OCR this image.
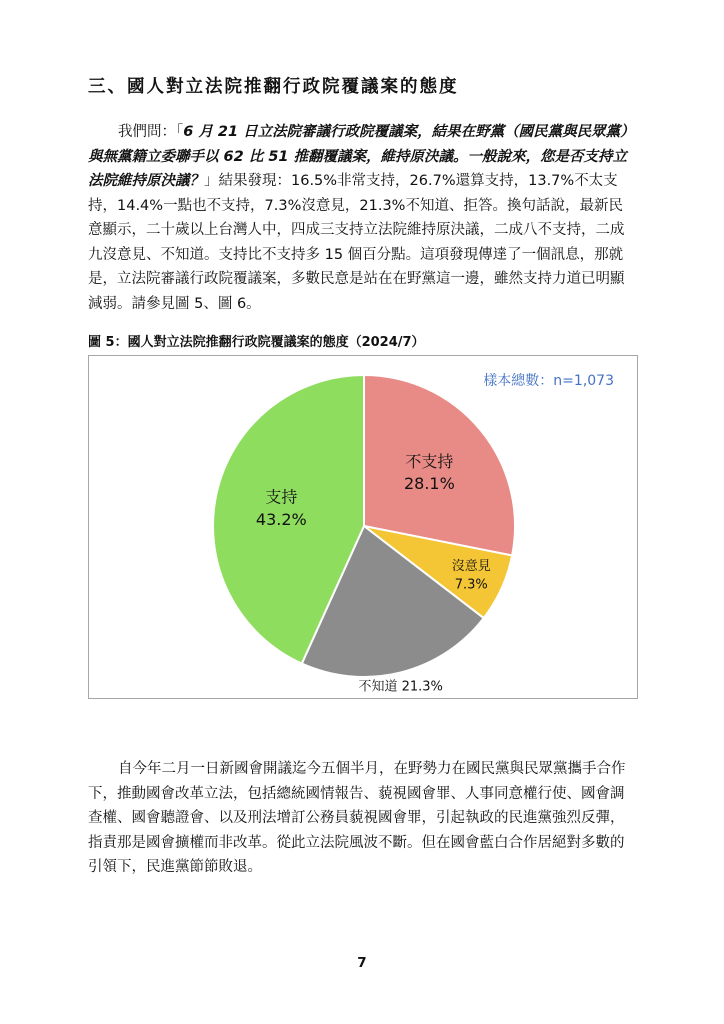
三、國人對立法院推翻行政院覆議案的態度

我們問：「6 月 21 日立法院審議行政院覆議案，結果在野黨（國民黨與民眾黨）與無黨籍立委聯手以 62 比 51 推翻覆議案，維持原決議。一般說來，您是否支持立法院維持原決議？」結果發現：16.5%非常支持，26.7%還算支持，13.7%不太支持，14.4%一點也不支持，7.3%沒意見，21.3%不知道、拒答。換句話說，最新民意顯示，二十歲以上台灣人中，四成三支持立法院維持原決議，二成八不支持，二成九沒意見、不知道。支持比不支持多 15 個百分點。這項發現傳達了一個訊息，那就是，立法院審議行政院覆議案，多數民意是站在在野黨這一邊，雖然支持力道已明顯減弱。請參見圖 5、圖 6。

圖 5：國人對立法院推翻行政院覆議案的態度（2024/7）

樣本總數：n=1,073
不支持
28.1%
沒意見
7.3%
不知道 21.3%
支持
43.2%

自今年二月一日新國會開議迄今五個半月，在野勢力在國民黨與民眾黨攜手合作下，推動國會改革立法，包括總統國情報告、藐視國會罪、人事同意權行使、國會調查權、國會聽證會、以及刑法增訂公務員藐視國會罪，引起執政的民進黨強烈反彈，指責那是國會擴權而非改革。從此立法院風波不斷。但在國會藍白合作居絕對多數的引領下，民進黨節節敗退。

7
